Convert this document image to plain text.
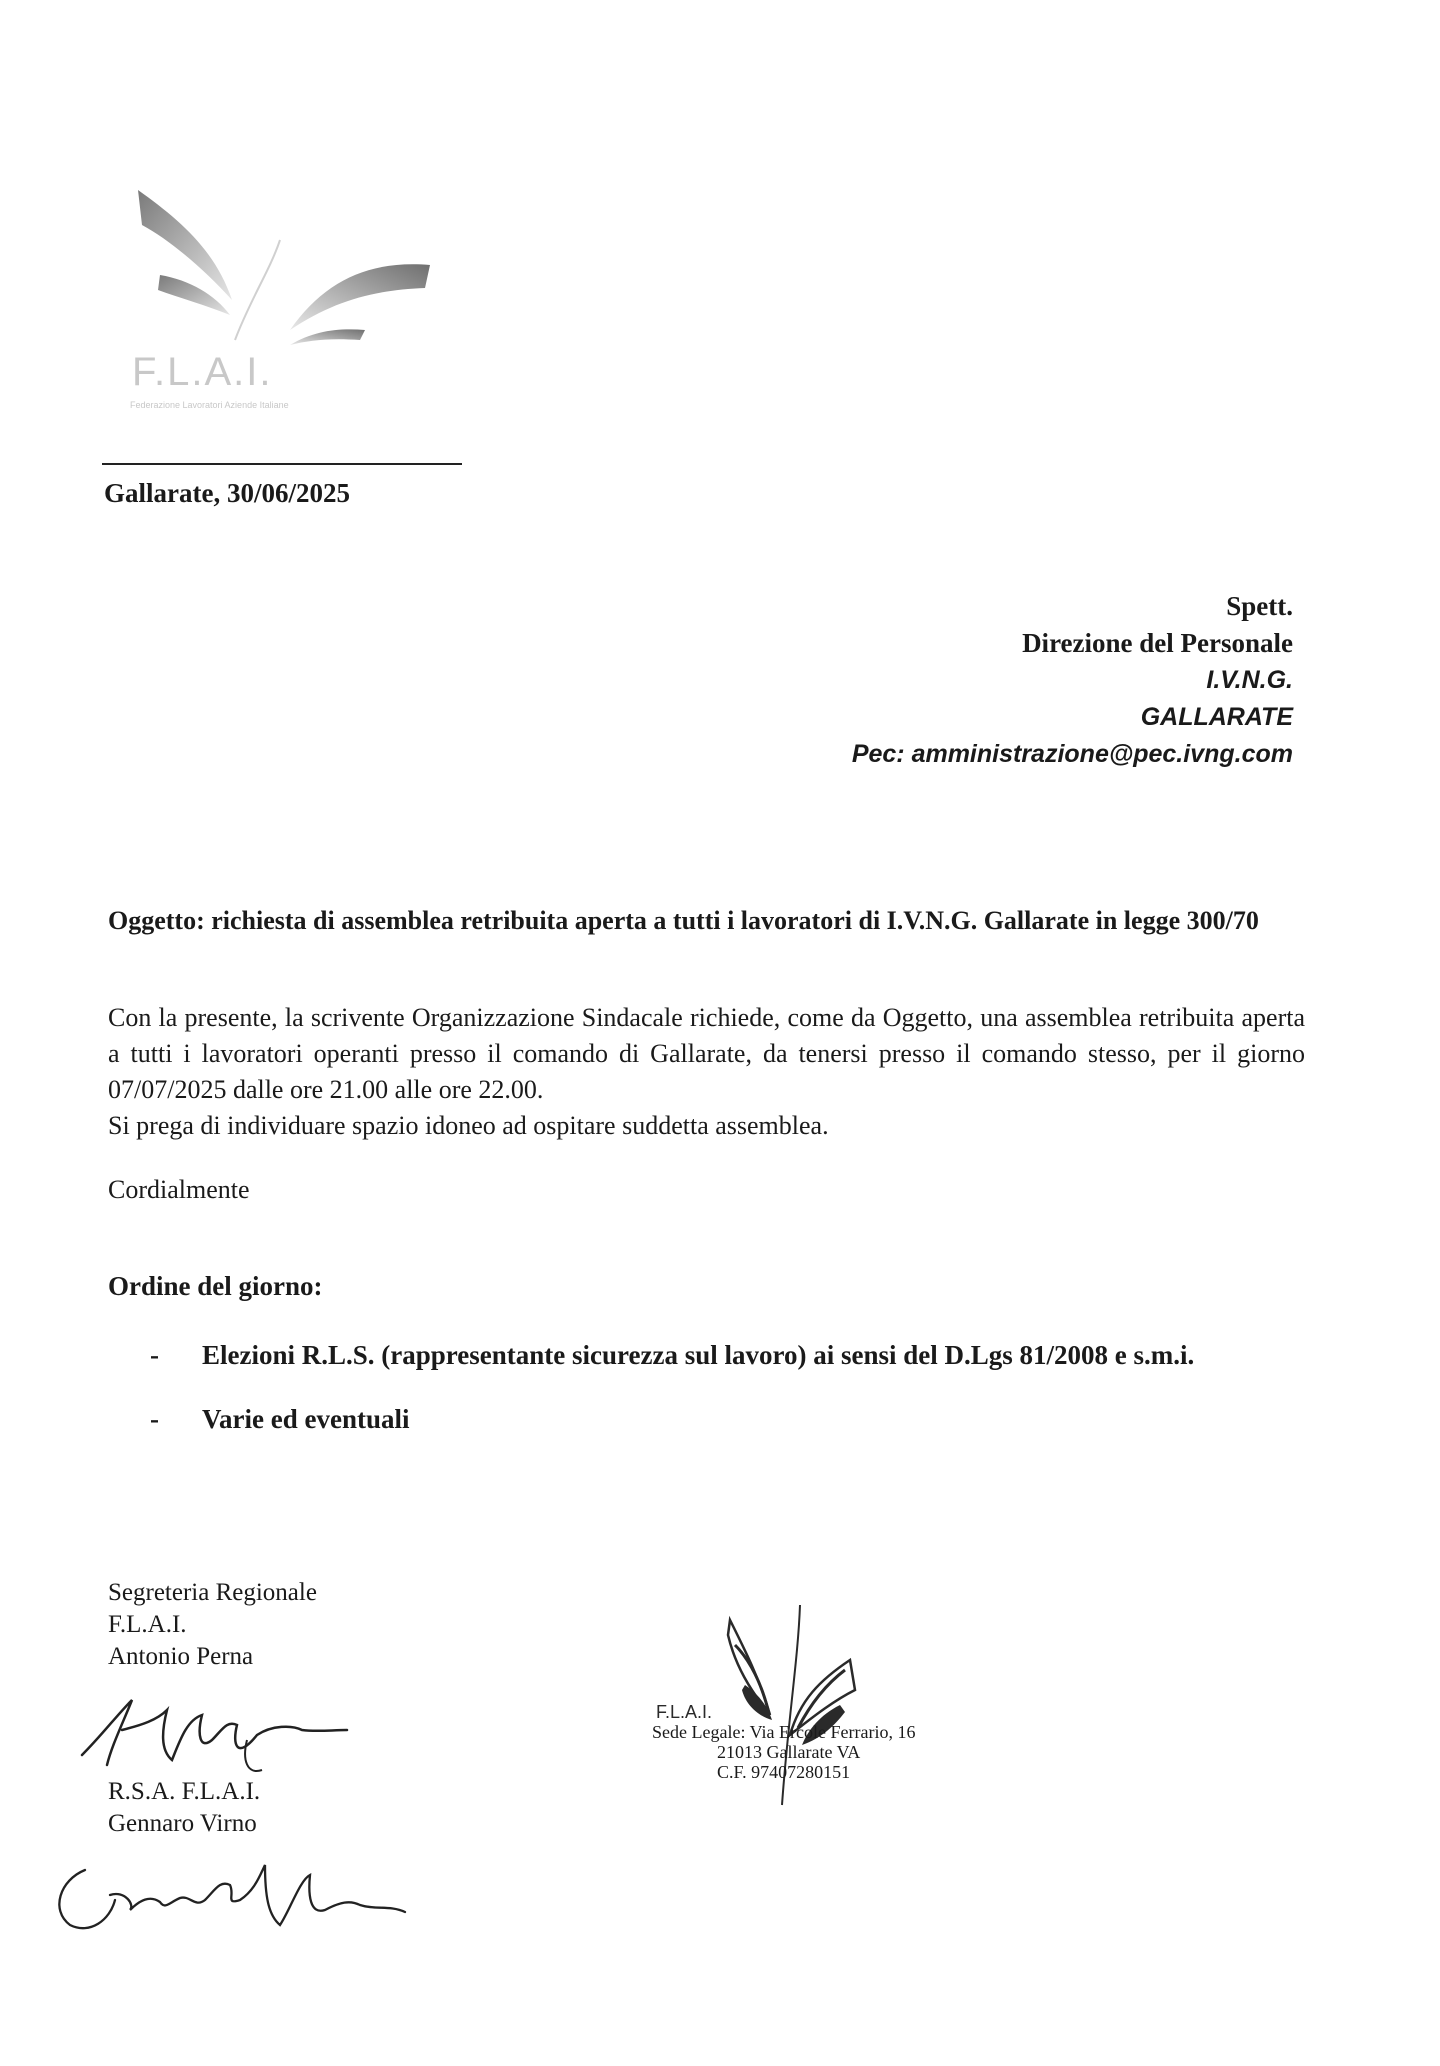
F.L.A.I.
Federazione Lavoratori Aziende Italiane
Gallarate, 30/06/2025
Spett.
Direzione del Personale
I.V.N.G.
GALLARATE
Pec: amministrazione@pec.ivng.com
Oggetto: richiesta di assemblea retribuita aperta a tutti i lavoratori di I.V.N.G. Gallarate in legge 300/70

Con la presente, la scrivente Organizzazione Sindacale richiede, come da Oggetto, una assemblea retribuita aperta a tutti i lavoratori operanti presso il comando di Gallarate, da tenersi presso il comando stesso, per il giorno 07/07/2025 dalle ore 21.00 alle ore 22.00.

Si prega di individuare spazio idoneo ad ospitare suddetta assemblea.

Cordialmente
Ordine del giorno:
- Elezioni R.L.S. (rappresentante sicurezza sul lavoro) ai sensi del D.Lgs 81/2008 e s.m.i.
- Varie ed eventuali
Segreteria Regionale
F.L.A.I.
Antonio Perna
R.S.A. F.L.A.I.
Gennaro Virno
F.L.A.I.
Sede Legale: Via Ercole Ferrario, 16
21013 Gallarate VA
C.F. 97407280151
